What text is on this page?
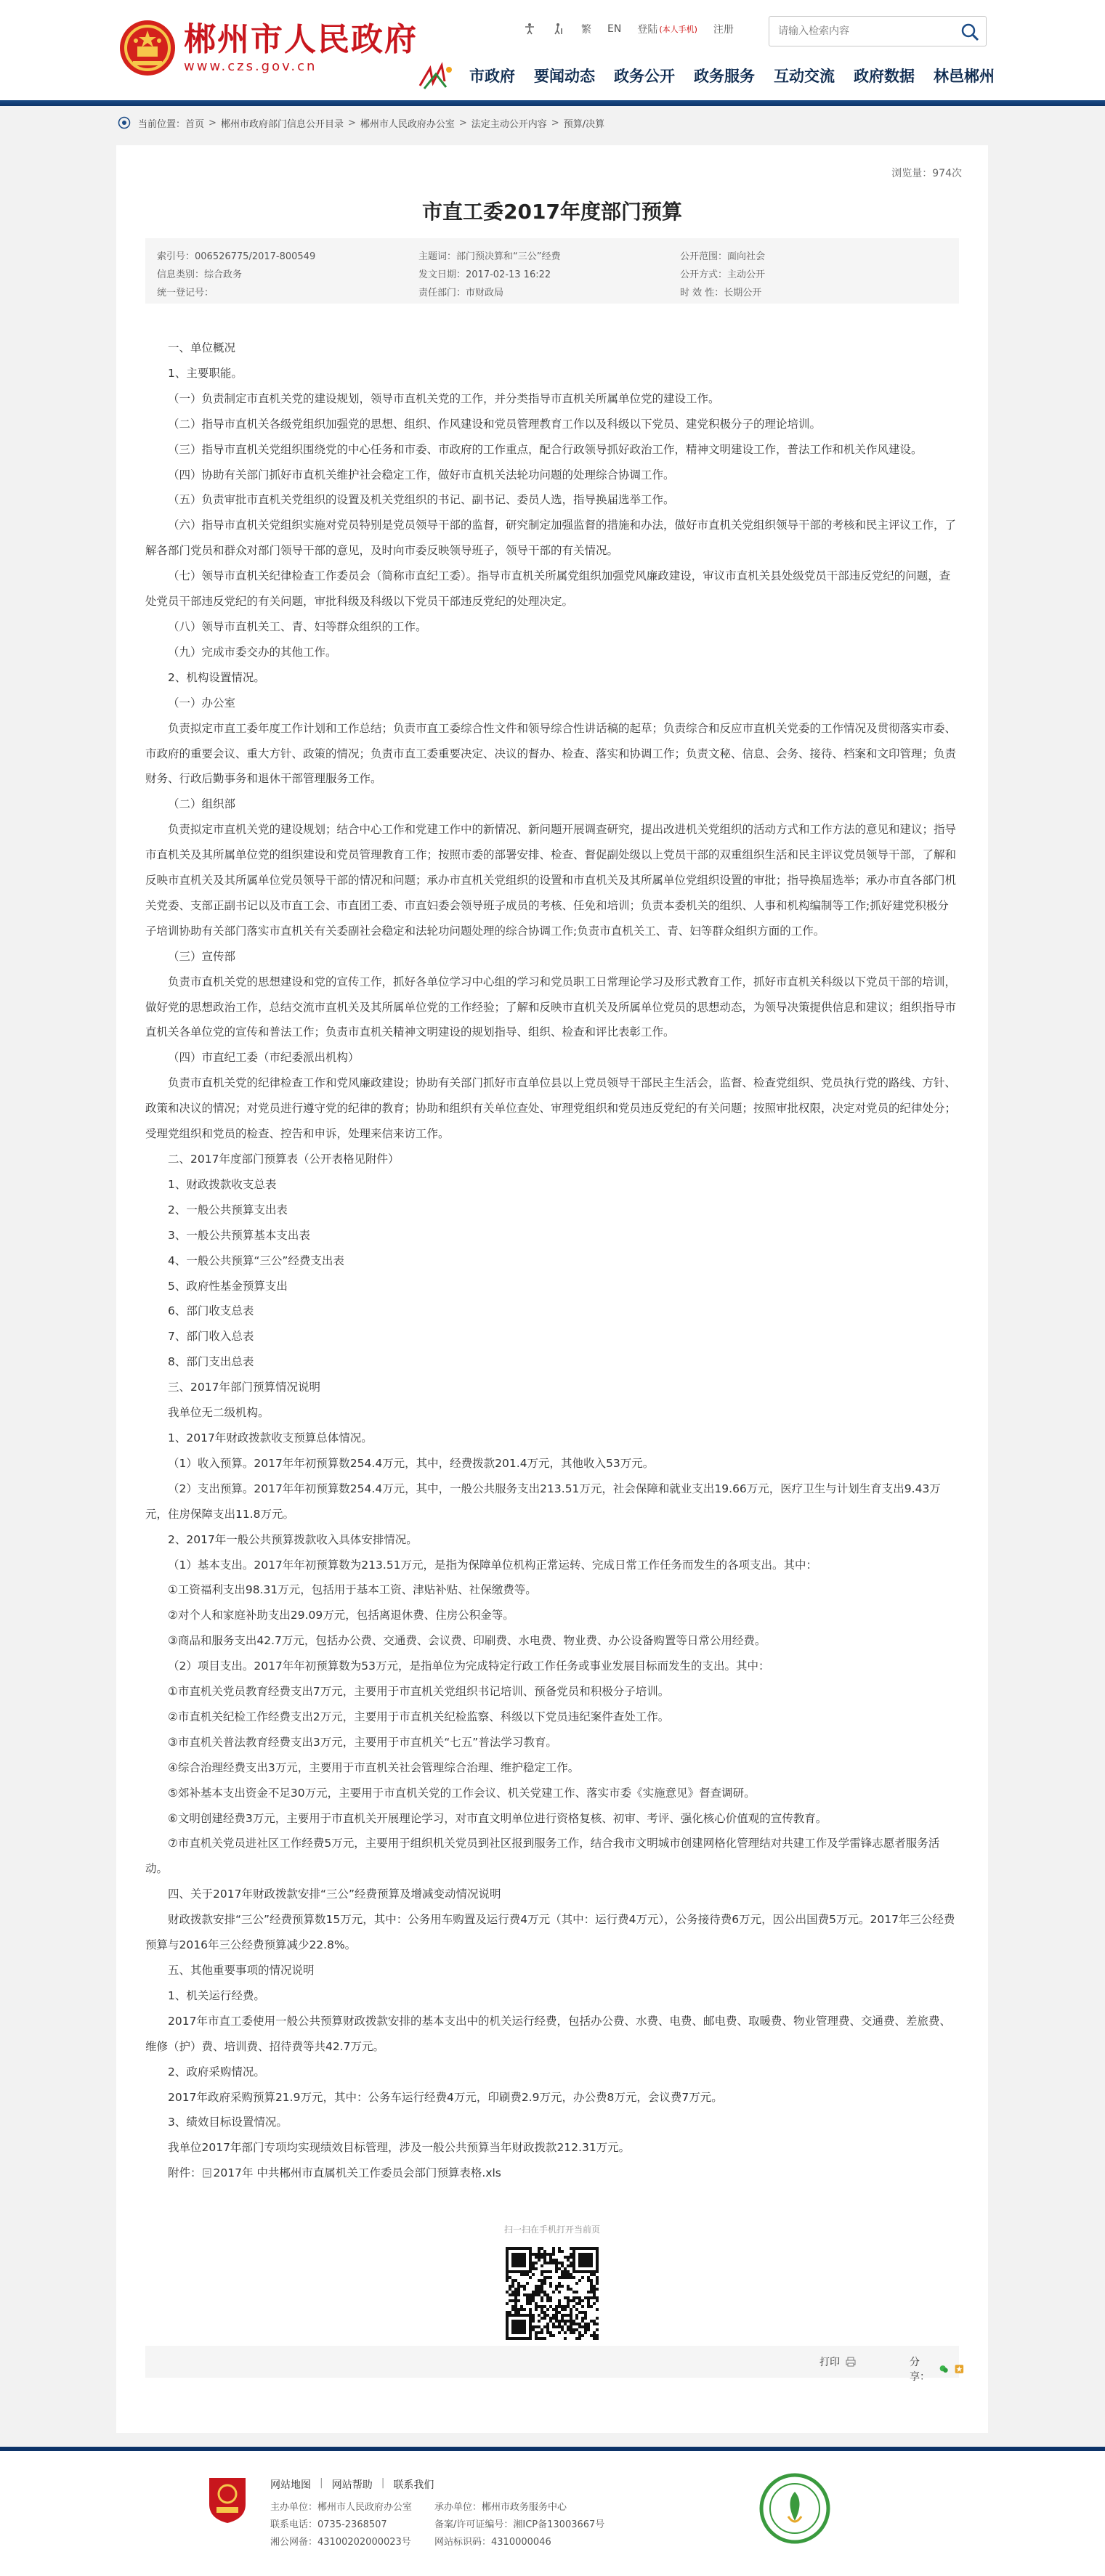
郴州市人民政府
www.czs.gov.cn
繁 EN 登陆 (本人手机) 注册
请输入检索内容
市政府 要闻动态 政务公开 政务服务 互动交流 政府数据 林邑郴州
当前位置： 首页 > 郴州市政府部门信息公开目录 > 郴州市人民政府办公室 > 法定主动公开内容 > 预算/决算
浏览量：974次
市直工委2017年度部门预算
索引号：006526775/2017-800549	主题词：部门预决算和“三公”经费	公开范围：面向社会
信息类别：综合政务	发文日期：2017-02-13 16:22	公开方式：主动公开
统一登记号：	责任部门：市财政局	时 效 性：长期公开

一、单位概况

1、主要职能。

（一）负责制定市直机关党的建设规划，领导市直机关党的工作，并分类指导市直机关所属单位党的建设工作。

（二）指导市直机关各级党组织加强党的思想、组织、作风建设和党员管理教育工作以及科级以下党员、建党积极分子的理论培训。

（三）指导市直机关党组织围绕党的中心任务和市委、市政府的工作重点，配合行政领导抓好政治工作，精神文明建设工作，普法工作和机关作风建设。

（四）协助有关部门抓好市直机关维护社会稳定工作，做好市直机关法轮功问题的处理综合协调工作。

（五）负责审批市直机关党组织的设置及机关党组织的书记、副书记、委员人选，指导换届选举工作。

（六）指导市直机关党组织实施对党员特别是党员领导干部的监督，研究制定加强监督的措施和办法，做好市直机关党组织领导干部的考核和民主评议工作，了解各部门党员和群众对部门领导干部的意见，及时向市委反映领导班子，领导干部的有关情况。

（七）领导市直机关纪律检查工作委员会（简称市直纪工委）。指导市直机关所属党组织加强党风廉政建设，审议市直机关县处级党员干部违反党纪的问题，查处党员干部违反党纪的有关问题，审批科级及科级以下党员干部违反党纪的处理决定。

（八）领导市直机关工、青、妇等群众组织的工作。

（九）完成市委交办的其他工作。

2、机构设置情况。

（一）办公室

负责拟定市直工委年度工作计划和工作总结；负责市直工委综合性文件和领导综合性讲话稿的起草；负责综合和反应市直机关党委的工作情况及贯彻落实市委、市政府的重要会议、重大方针、政策的情况；负责市直工委重要决定、决议的督办、检查、落实和协调工作；负责文秘、信息、会务、接待、档案和文印管理；负责财务、行政后勤事务和退休干部管理服务工作。

（二）组织部

负责拟定市直机关党的建设规划；结合中心工作和党建工作中的新情况、新问题开展调查研究，提出改进机关党组织的活动方式和工作方法的意见和建议；指导市直机关及其所属单位党的组织建设和党员管理教育工作；按照市委的部署安排、检查、督促副处级以上党员干部的双重组织生活和民主评议党员领导干部，了解和反映市直机关及其所属单位党员领导干部的情况和问题；承办市直机关党组织的设置和市直机关及其所属单位党组织设置的审批；指导换届选举；承办市直各部门机关党委、支部正副书记以及市直工会、市直团工委、市直妇委会领导班子成员的考核、任免和培训；负责本委机关的组织、人事和机构编制等工作;抓好建党积极分子培训协助有关部门落实市直机关有关委副社会稳定和法轮功问题处理的综合协调工作;负责市直机关工、青、妇等群众组织方面的工作。

（三）宣传部

负责市直机关党的思想建设和党的宣传工作，抓好各单位学习中心组的学习和党员职工日常理论学习及形式教育工作，抓好市直机关科级以下党员干部的培训，做好党的思想政治工作，总结交流市直机关及其所属单位党的工作经验；了解和反映市直机关及所属单位党员的思想动态，为领导决策提供信息和建议；组织指导市直机关各单位党的宣传和普法工作；负责市直机关精神文明建设的规划指导、组织、检查和评比表彰工作。

（四）市直纪工委（市纪委派出机构）

负责市直机关党的纪律检查工作和党风廉政建设；协助有关部门抓好市直单位县以上党员领导干部民主生活会，监督、检查党组织、党员执行党的路线、方针、政策和决议的情况；对党员进行遵守党的纪律的教育；协助和组织有关单位查处、审理党组织和党员违反党纪的有关问题；按照审批权限，决定对党员的纪律处分；受理党组织和党员的检查、控告和申诉，处理来信来访工作。

二、2017年度部门预算表（公开表格见附件）

1、财政拨款收支总表

2、一般公共预算支出表

3、一般公共预算基本支出表

4、一般公共预算“三公”经费支出表

5、政府性基金预算支出

6、部门收支总表

7、部门收入总表

8、部门支出总表

三、2017年部门预算情况说明

我单位无二级机构。

1、2017年财政拨款收支预算总体情况。

（1）收入预算。2017年年初预算数254.4万元，其中，经费拨款201.4万元，其他收入53万元。

（2）支出预算。2017年年初预算数254.4万元，其中，一般公共服务支出213.51万元，社会保障和就业支出19.66万元，医疗卫生与计划生育支出9.43万元，住房保障支出11.8万元。

2、2017年一般公共预算拨款收入具体安排情况。

（1）基本支出。2017年年初预算数为213.51万元，是指为保障单位机构正常运转、完成日常工作任务而发生的各项支出。其中：

①工资福利支出98.31万元，包括用于基本工资、津贴补贴、社保缴费等。

②对个人和家庭补助支出29.09万元，包括离退休费、住房公积金等。

③商品和服务支出42.7万元，包括办公费、交通费、会议费、印刷费、水电费、物业费、办公设备购置等日常公用经费。

（2）项目支出。2017年年初预算数为53万元，是指单位为完成特定行政工作任务或事业发展目标而发生的支出。其中：

①市直机关党员教育经费支出7万元，主要用于市直机关党组织书记培训、预备党员和积极分子培训。

②市直机关纪检工作经费支出2万元，主要用于市直机关纪检监察、科级以下党员违纪案件查处工作。

③市直机关普法教育经费支出3万元，主要用于市直机关“七五”普法学习教育。

④综合治理经费支出3万元，主要用于市直机关社会管理综合治理、维护稳定工作。

⑤郊补基本支出资金不足30万元，主要用于市直机关党的工作会议、机关党建工作、落实市委《实施意见》督查调研。

⑥文明创建经费3万元，主要用于市直机关开展理论学习，对市直文明单位进行资格复核、初审、考评、强化核心价值观的宣传教育。

⑦市直机关党员进社区工作经费5万元，主要用于组织机关党员到社区报到服务工作，结合我市文明城市创建网格化管理结对共建工作及学雷锋志愿者服务活动。

四、关于2017年财政拨款安排“三公”经费预算及增减变动情况说明

财政拨款安排“三公”经费预算数15万元，其中：公务用车购置及运行费4万元（其中：运行费4万元），公务接待费6万元，因公出国费5万元。2017年三公经费预算与2016年三公经费预算减少22.8%。

五、其他重要事项的情况说明

1、机关运行经费。

2017年市直工委使用一般公共预算财政拨款安排的基本支出中的机关运行经费，包括办公费、水费、电费、邮电费、取暖费、物业管理费、交通费、差旅费、维修（护）费、培训费、招待费等共42.7万元。

2、政府采购情况。

2017年政府采购预算21.9万元，其中：公务车运行经费4万元，印刷费2.9万元，办公费8万元，会议费7万元。

3、绩效目标设置情况。

我单位2017年部门专项均实现绩效目标管理，涉及一般公共预算当年财政拨款212.31万元。

附件： 2017年 中共郴州市直属机关工作委员会部门预算表格.xls

扫一扫在手机打开当前页
打印	分享：
网站地图 | 网站帮助 | 联系我们
主办单位：郴州市人民政府办公室	承办单位：郴州市政务服务中心
联系电话：0735-2368507	备案/许可证编号：湘ICP备13003667号
湘公网备：43100202000023号	网站标识码：4310000046
